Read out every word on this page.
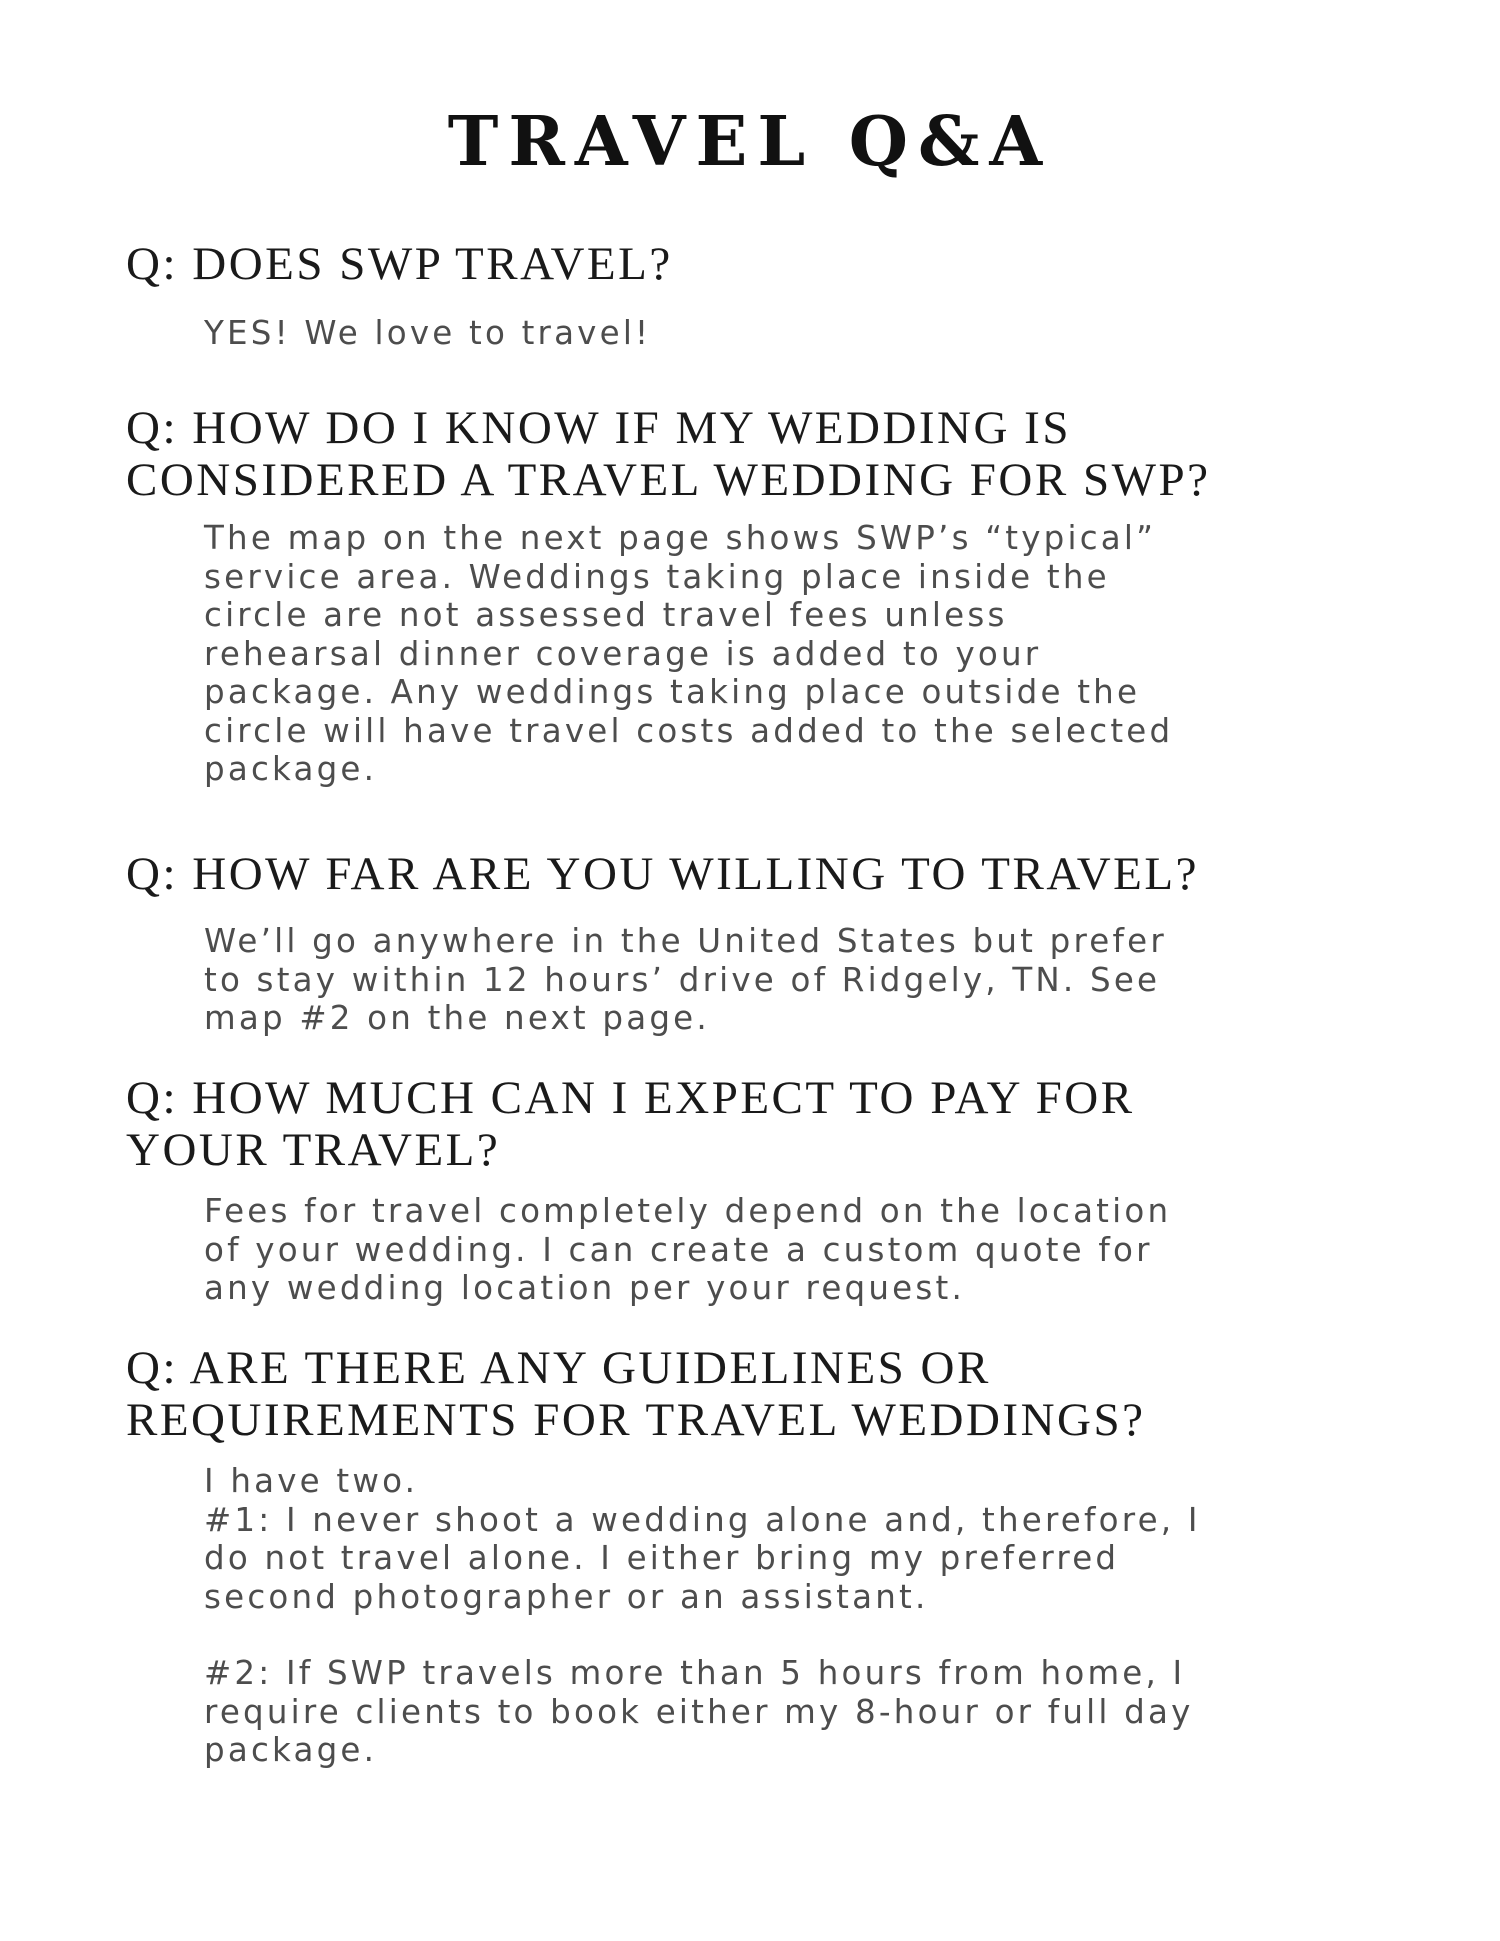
TRAVEL Q&A
Q: DOES SWP TRAVEL?

YES! We love to travel!

Q: HOW DO I KNOW IF MY WEDDING IS
CONSIDERED A TRAVEL WEDDING FOR SWP?

The map on the next page shows SWP’s “typical”

service area. Weddings taking place inside the

circle are not assessed travel fees unless

rehearsal dinner coverage is added to your

package. Any weddings taking place outside the

circle will have travel costs added to the selected

package.

Q: HOW FAR ARE YOU WILLING TO TRAVEL?

We’ll go anywhere in the United States but prefer

to stay within 12 hours’ drive of Ridgely, TN. See

map #2 on the next page.

Q: HOW MUCH CAN I EXPECT TO PAY FOR
YOUR TRAVEL?

Fees for travel completely depend on the location

of your wedding. I can create a custom quote for

any wedding location per your request.

Q: ARE THERE ANY GUIDELINES OR
REQUIREMENTS FOR TRAVEL WEDDINGS?

I have two.

#1: I never shoot a wedding alone and, therefore, I

do not travel alone. I either bring my preferred

second photographer or an assistant.

#2: If SWP travels more than 5 hours from home, I

require clients to book either my 8-hour or full day

package.
